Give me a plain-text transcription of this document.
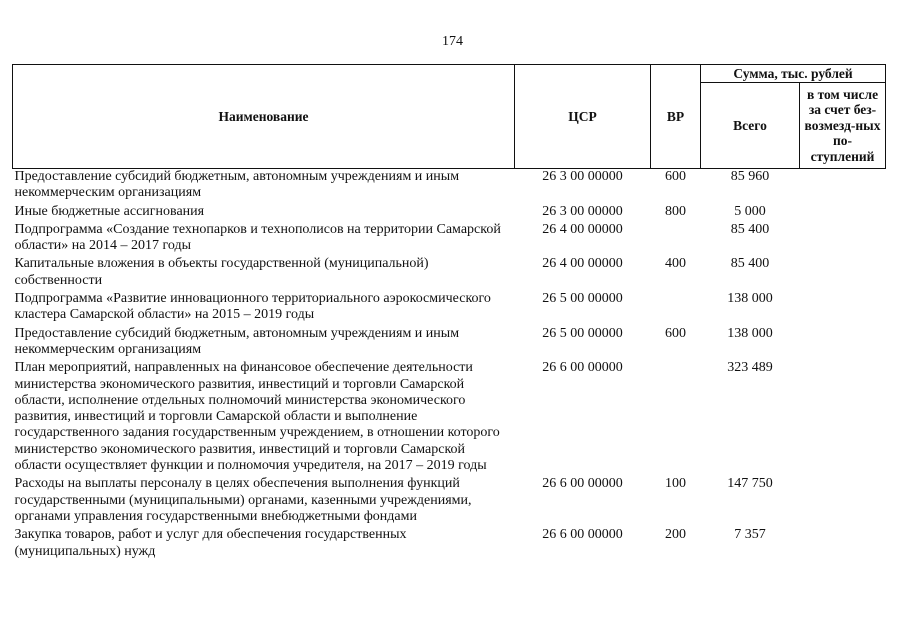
174
Наименование	ЦСР	ВР	Сумма, тыс. рублей	
			Всего	в том числе за счет без-возмезд-ных по-ступлений
Предоставление субсидий бюджетным, автономным учреждениям и иным некоммерческим организациям	26 3 00 00000	600	85 960	
Иные бюджетные ассигнования	26 3 00 00000	800	5 000	
Подпрограмма «Создание технопарков и технополисов на территории Самарской области» на 2014 – 2017 годы	26 4 00 00000		85 400	
Капитальные вложения в объекты государственной (муниципальной) собственности	26 4 00 00000	400	85 400	
Подпрограмма «Развитие инновационного территориального аэрокосмического кластера Самарской области» на 2015 – 2019 годы	26 5 00 00000		138 000	
Предоставление субсидий бюджетным, автономным учреждениям и иным некоммерческим организациям	26 5 00 00000	600	138 000	
План мероприятий, направленных на финансовое обеспечение деятельности министерства экономического развития, инвестиций и торговли Самарской области, исполнение отдельных полномочий министерства экономического развития, инвестиций и торговли Самарской области и выполнение государственного задания государственным учреждением, в отношении которого министерство экономического развития, инвестиций и торговли Самарской области осуществляет функции и полномочия учредителя, на 2017 – 2019 годы	26 6 00 00000		323 489	
Расходы на выплаты персоналу в целях обеспечения выполнения функций государственными (муниципальными) органами, казенными учреждениями, органами управления государственными внебюджетными фондами	26 6 00 00000	100	147 750	
Закупка товаров, работ и услуг для обеспечения государственных (муниципальных) нужд	26 6 00 00000	200	7 357	
